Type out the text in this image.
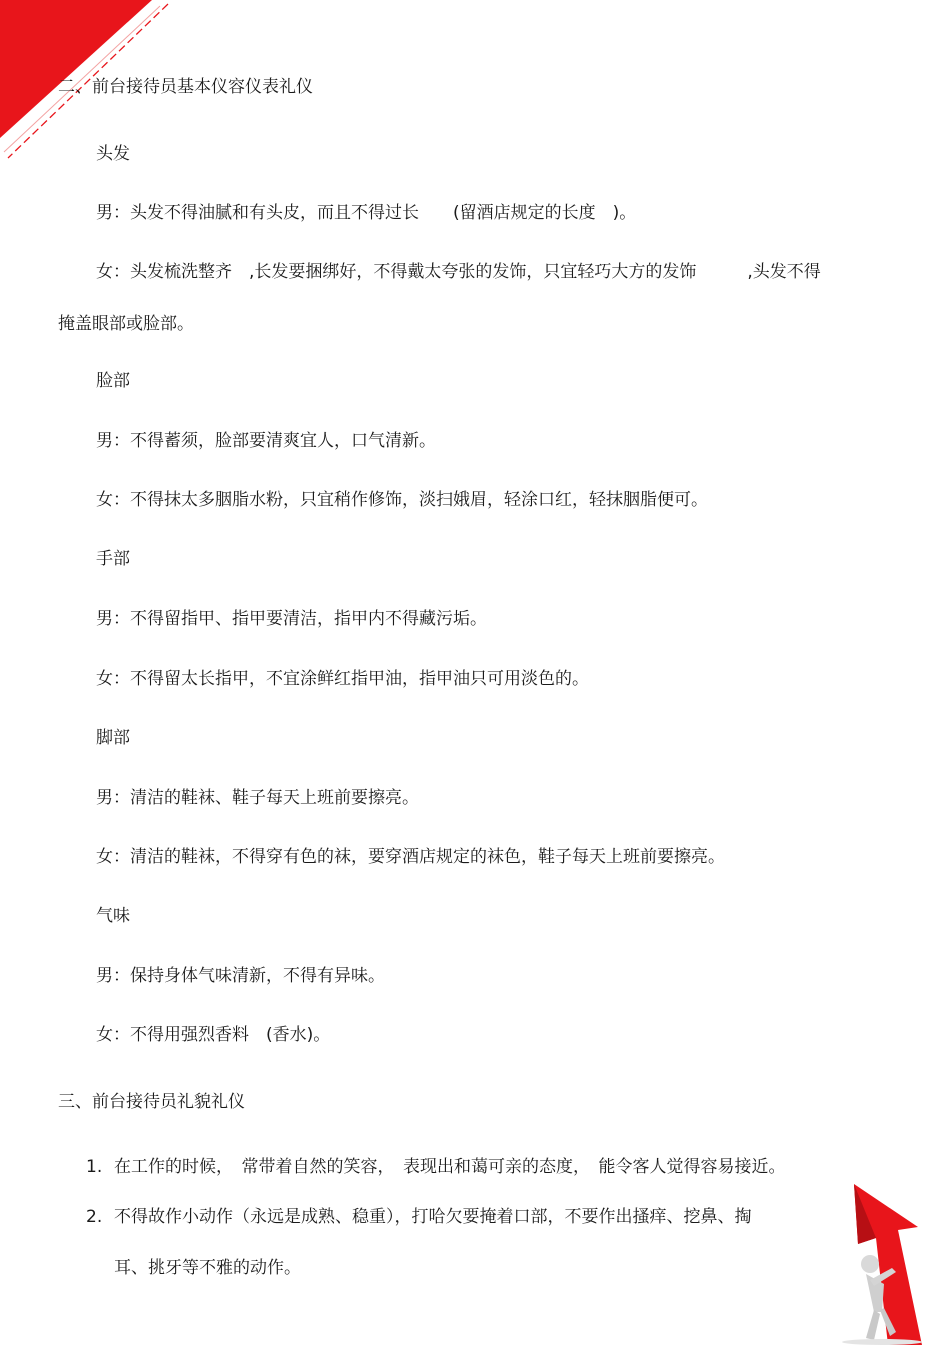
二、前台接待员基本仪容仪表礼仪

头发

男：头发不得油腻和有头皮，而且不得过长　　(留酒店规定的长度　)。

女：头发梳洗整齐　,长发要捆绑好，不得戴太夸张的发饰，只宜轻巧大方的发饰　　　,头发不得

掩盖眼部或脸部。

脸部

男：不得蓄须，脸部要清爽宜人，口气清新。

女：不得抹太多胭脂水粉，只宜稍作修饰，淡扫娥眉，轻涂口红，轻抹胭脂便可。

手部

男：不得留指甲、指甲要清洁，指甲内不得藏污垢。

女：不得留太长指甲，不宜涂鲜红指甲油，指甲油只可用淡色的。

脚部

男：清洁的鞋袜、鞋子每天上班前要擦亮。

女：清洁的鞋袜，不得穿有色的袜，要穿酒店规定的袜色，鞋子每天上班前要擦亮。

气味

男：保持身体气味清新，不得有异味。

女：不得用强烈香料　(香水)。

三、前台接待员礼貌礼仪

1. 在工作的时候，　常带着自然的笑容，　表现出和蔼可亲的态度，　能令客人觉得容易接近。

2. 不得故作小动作（永远是成熟、稳重），打哈欠要掩着口部，不要作出搔痒、挖鼻、掏

耳、挑牙等不雅的动作。
